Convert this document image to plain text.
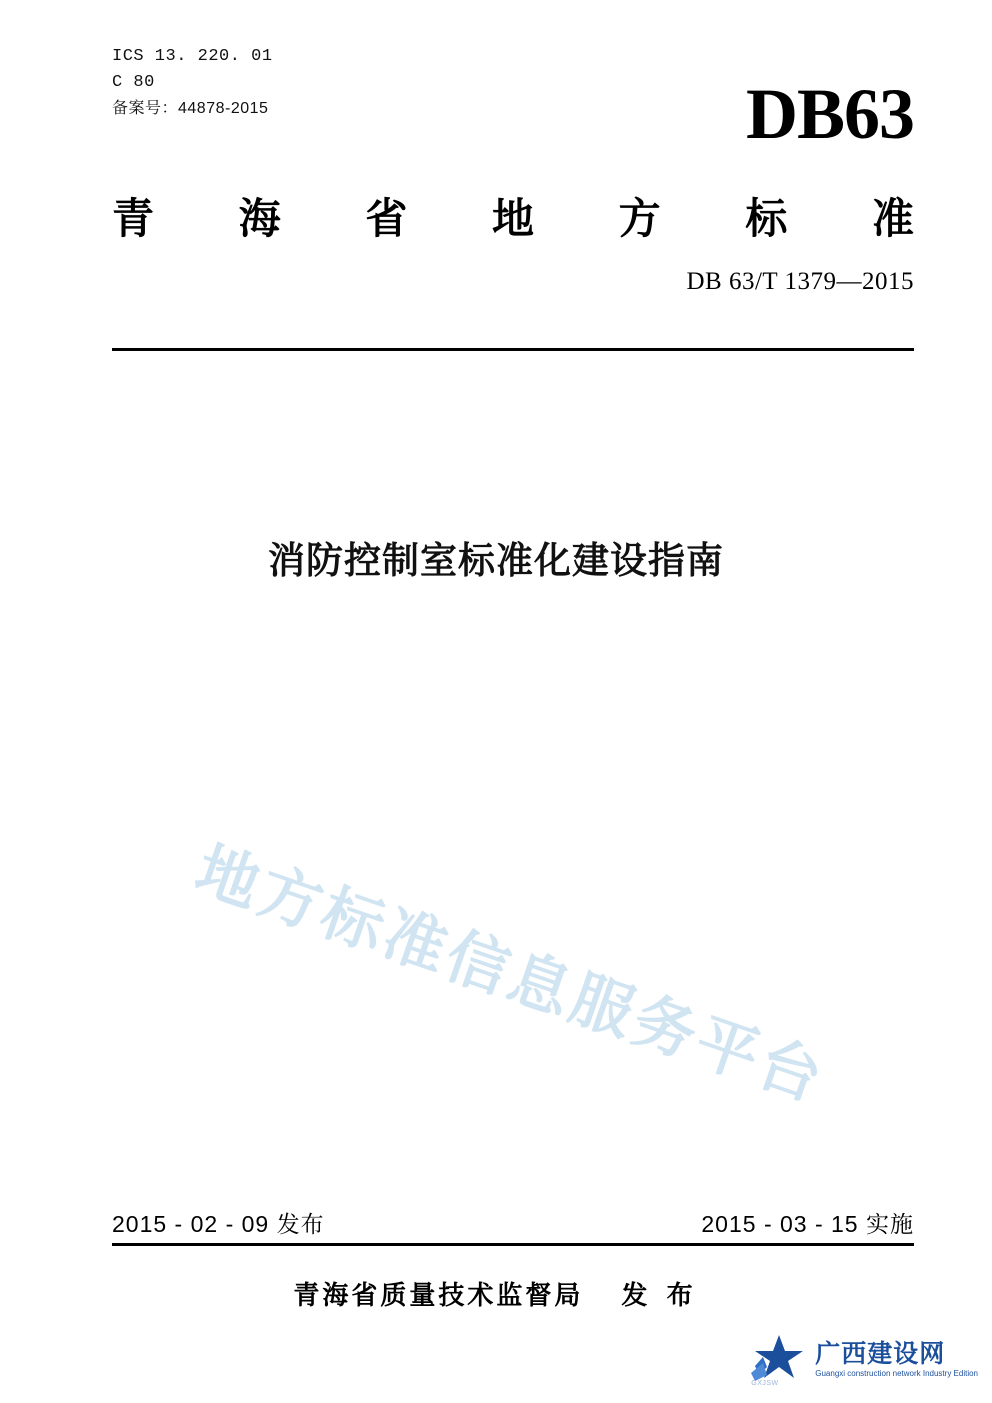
ICS 13. 220. 01
C 80
备案号：44878-2015	DB63
青海省地方标准
DB 63/T 1379—2015
消防控制室标准化建设指南
地方标准信息服务平台
2015 - 02 - 09 发布	2015 - 03 - 15 实施
青海省质量技术监督局 发 布
GXJSW
广西建设网
Guangxi construction network Industry Edition
